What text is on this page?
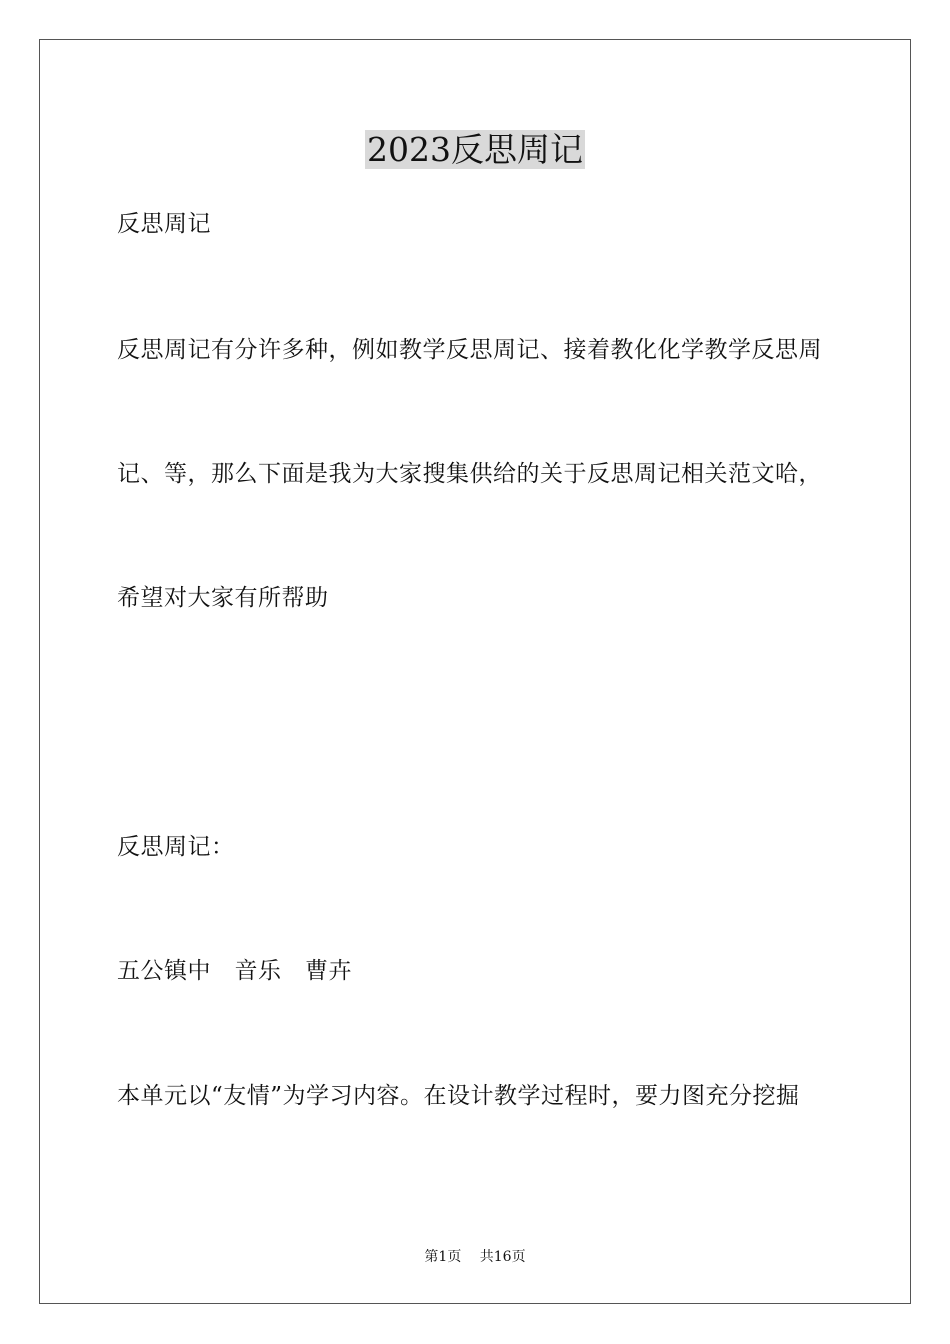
2023反思周记
反思周记
反思周记有分许多种，例如教学反思周记、接着教化化学教学反思周
记、等，那么下面是我为大家搜集供给的关于反思周记相关范文哈，
希望对大家有所帮助
反思周记：
五公镇中　音乐　曹卉
本单元以“友情”为学习内容。在设计教学过程时，要力图充分挖掘
第1页　 共16页
